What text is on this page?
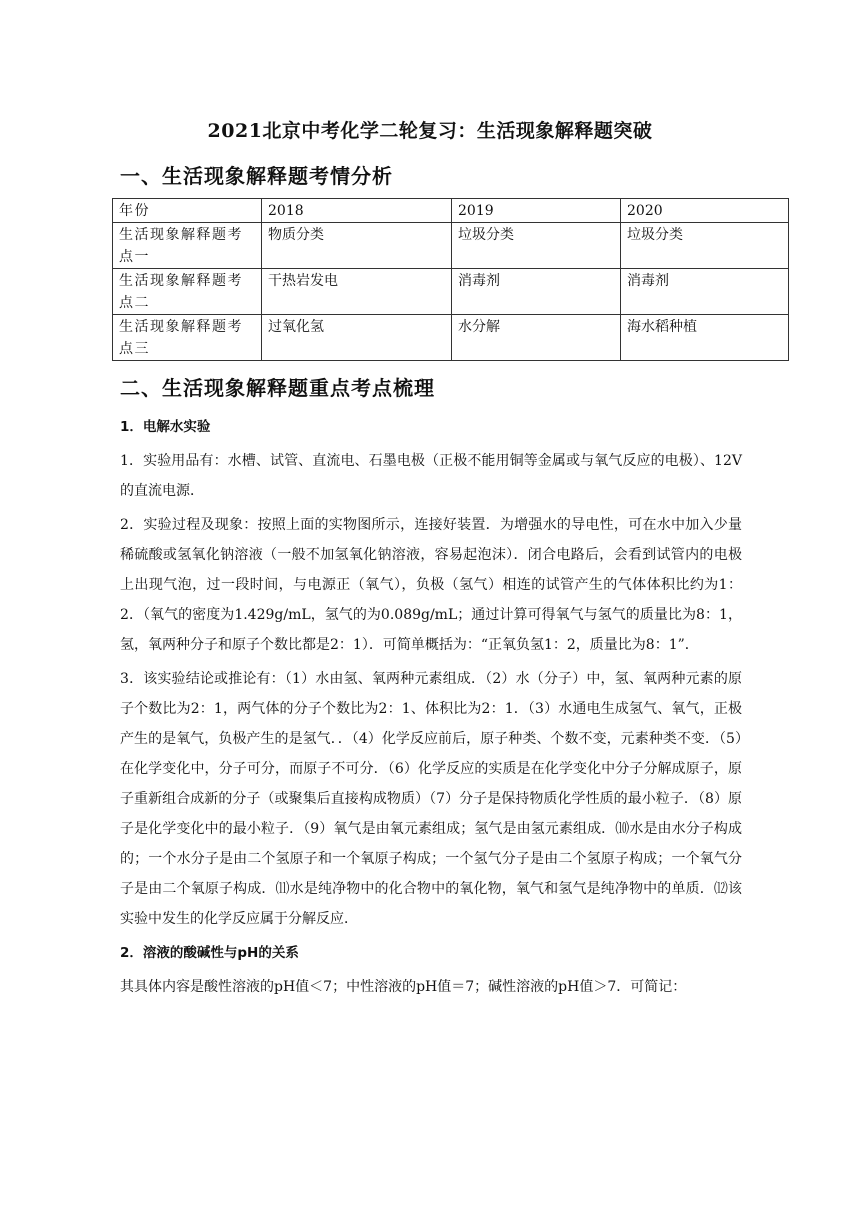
2021北京中考化学二轮复习：生活现象解释题突破
一、生活现象解释题考情分析
年份	2018	2019	2020
生活现象解释题考点一	物质分类	垃圾分类	垃圾分类
生活现象解释题考点二	干热岩发电	消毒剂	消毒剂
生活现象解释题考点三	过氧化氢	水分解	海水稻种植
二、生活现象解释题重点考点梳理

1．电解水实验

1．实验用品有：水槽、试管、直流电、石墨电极（正极不能用铜等金属或与氧气反应的电极）、12V的直流电源．

2．实验过程及现象：按照上面的实物图所示，连接好装置．为增强水的导电性，可在水中加入少量稀硫酸或氢氧化钠溶液（一般不加氢氧化钠溶液，容易起泡沫）．闭合电路后，会看到试管内的电极上出现气泡，过一段时间，与电源正（氧气），负极（氢气）相连的试管产生的气体体积比约为1：2．（氧气的密度为1.429g/mL，氢气的为0.089g/mL；通过计算可得氧气与氢气的质量比为8：1，氢，氧两种分子和原子个数比都是2：1）．可简单概括为：“正氧负氢1：2，质量比为8：1”．

3．该实验结论或推论有：（1）水由氢、氧两种元素组成．（2）水（分子）中，氢、氧两种元素的原子个数比为2：1，两气体的分子个数比为2：1、体积比为2：1．（3）水通电生成氢气、氧气，正极产生的是氧气，负极产生的是氢气．．（4）化学反应前后，原子种类、个数不变，元素种类不变．（5）在化学变化中，分子可分，而原子不可分．（6）化学反应的实质是在化学变化中分子分解成原子，原子重新组合成新的分子（或聚集后直接构成物质）（7）分子是保持物质化学性质的最小粒子．（8）原子是化学变化中的最小粒子．（9）氧气是由氧元素组成；氢气是由氢元素组成．⑽水是由水分子构成的；一个水分子是由二个氢原子和一个氧原子构成；一个氢气分子是由二个氢原子构成；一个氧气分子是由二个氧原子构成．⑾水是纯净物中的化合物中的氧化物，氧气和氢气是纯净物中的单质．⑿该实验中发生的化学反应属于分解反应．

2．溶液的酸碱性与pH的关系

其具体内容是酸性溶液的pH值＜7；中性溶液的pH值＝7；碱性溶液的pH值＞7．可简记：
